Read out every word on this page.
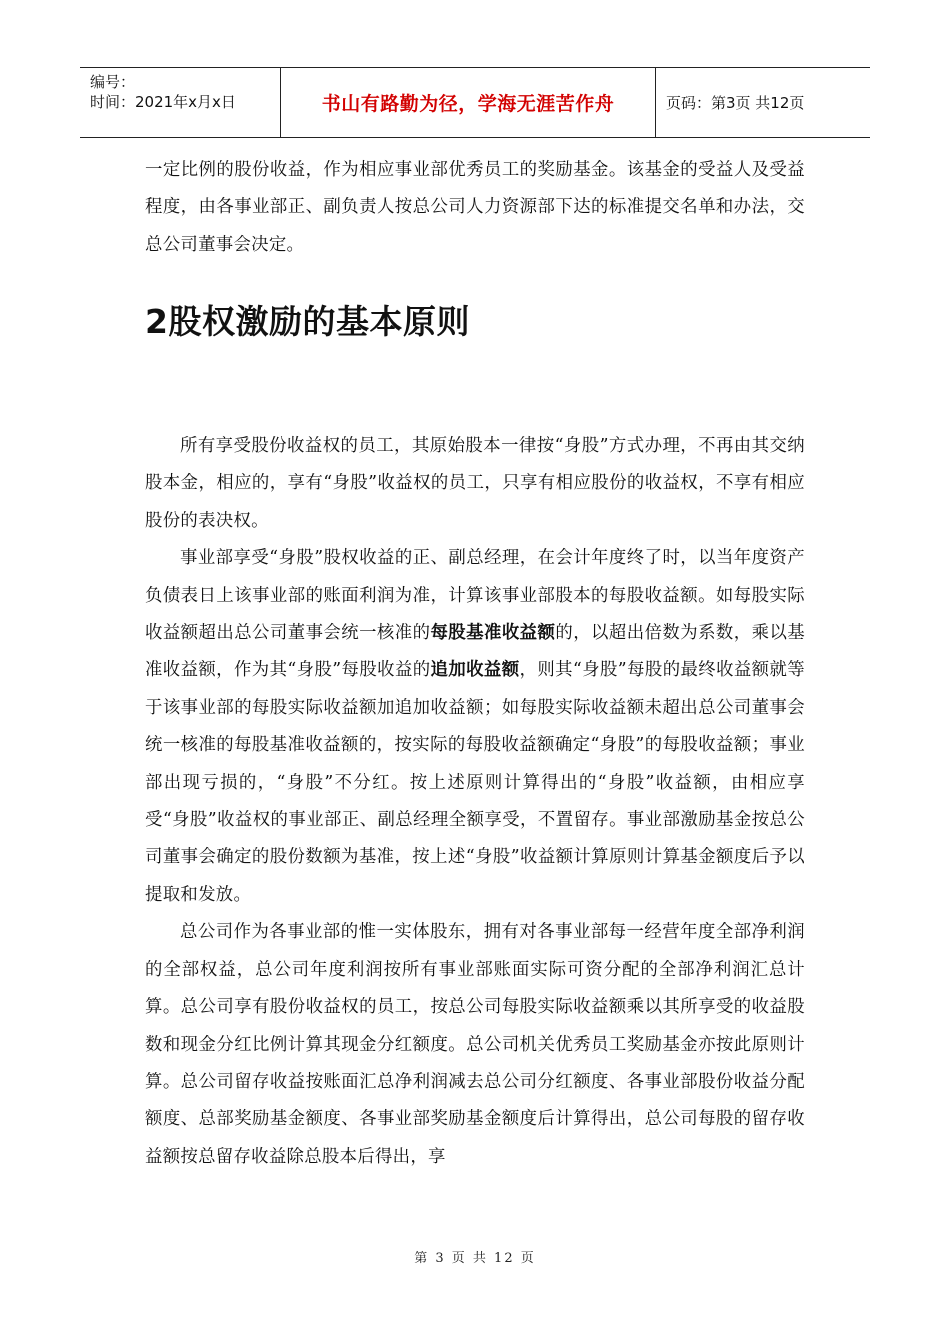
编号：
时间：2021年x月x日	书山有路勤为径，学海无涯苦作舟	页码：第3页 共12页

一定比例的股份收益，作为相应事业部优秀员工的奖励基金。该基金的受益人及受益程度，由各事业部正、副负责人按总公司人力资源部下达的标准提交名单和办法，交总公司董事会决定。

2股权激励的基本原则

所有享受股份收益权的员工，其原始股本一律按“身股”方式办理，不再由其交纳股本金，相应的，享有“身股”收益权的员工，只享有相应股份的收益权，不享有相应股份的表决权。

事业部享受“身股”股权收益的正、副总经理，在会计年度终了时，以当年度资产负债表日上该事业部的账面利润为准，计算该事业部股本的每股收益额。如每股实际收益额超出总公司董事会统一核准的每股基准收益额的，以超出倍数为系数，乘以基准收益额，作为其“身股”每股收益的追加收益额，则其“身股”每股的最终收益额就等于该事业部的每股实际收益额加追加收益额；如每股实际收益额未超出总公司董事会统一核准的每股基准收益额的，按实际的每股收益额确定“身股”的每股收益额；事业部出现亏损的，“身股”不分红。按上述原则计算得出的“身股”收益额，由相应享受“身股”收益权的事业部正、副总经理全额享受，不置留存。事业部激励基金按总公司董事会确定的股份数额为基准，按上述“身股”收益额计算原则计算基金额度后予以提取和发放。

总公司作为各事业部的惟一实体股东，拥有对各事业部每一经营年度全部净利润的全部权益，总公司年度利润按所有事业部账面实际可资分配的全部净利润汇总计算。总公司享有股份收益权的员工，按总公司每股实际收益额乘以其所享受的收益股数和现金分红比例计算其现金分红额度。总公司机关优秀员工奖励基金亦按此原则计算。总公司留存收益按账面汇总净利润减去总公司分红额度、各事业部股份收益分配额度、总部奖励基金额度、各事业部奖励基金额度后计算得出，总公司每股的留存收益额按总留存收益除总股本后得出，享

第 3 页 共 12 页
